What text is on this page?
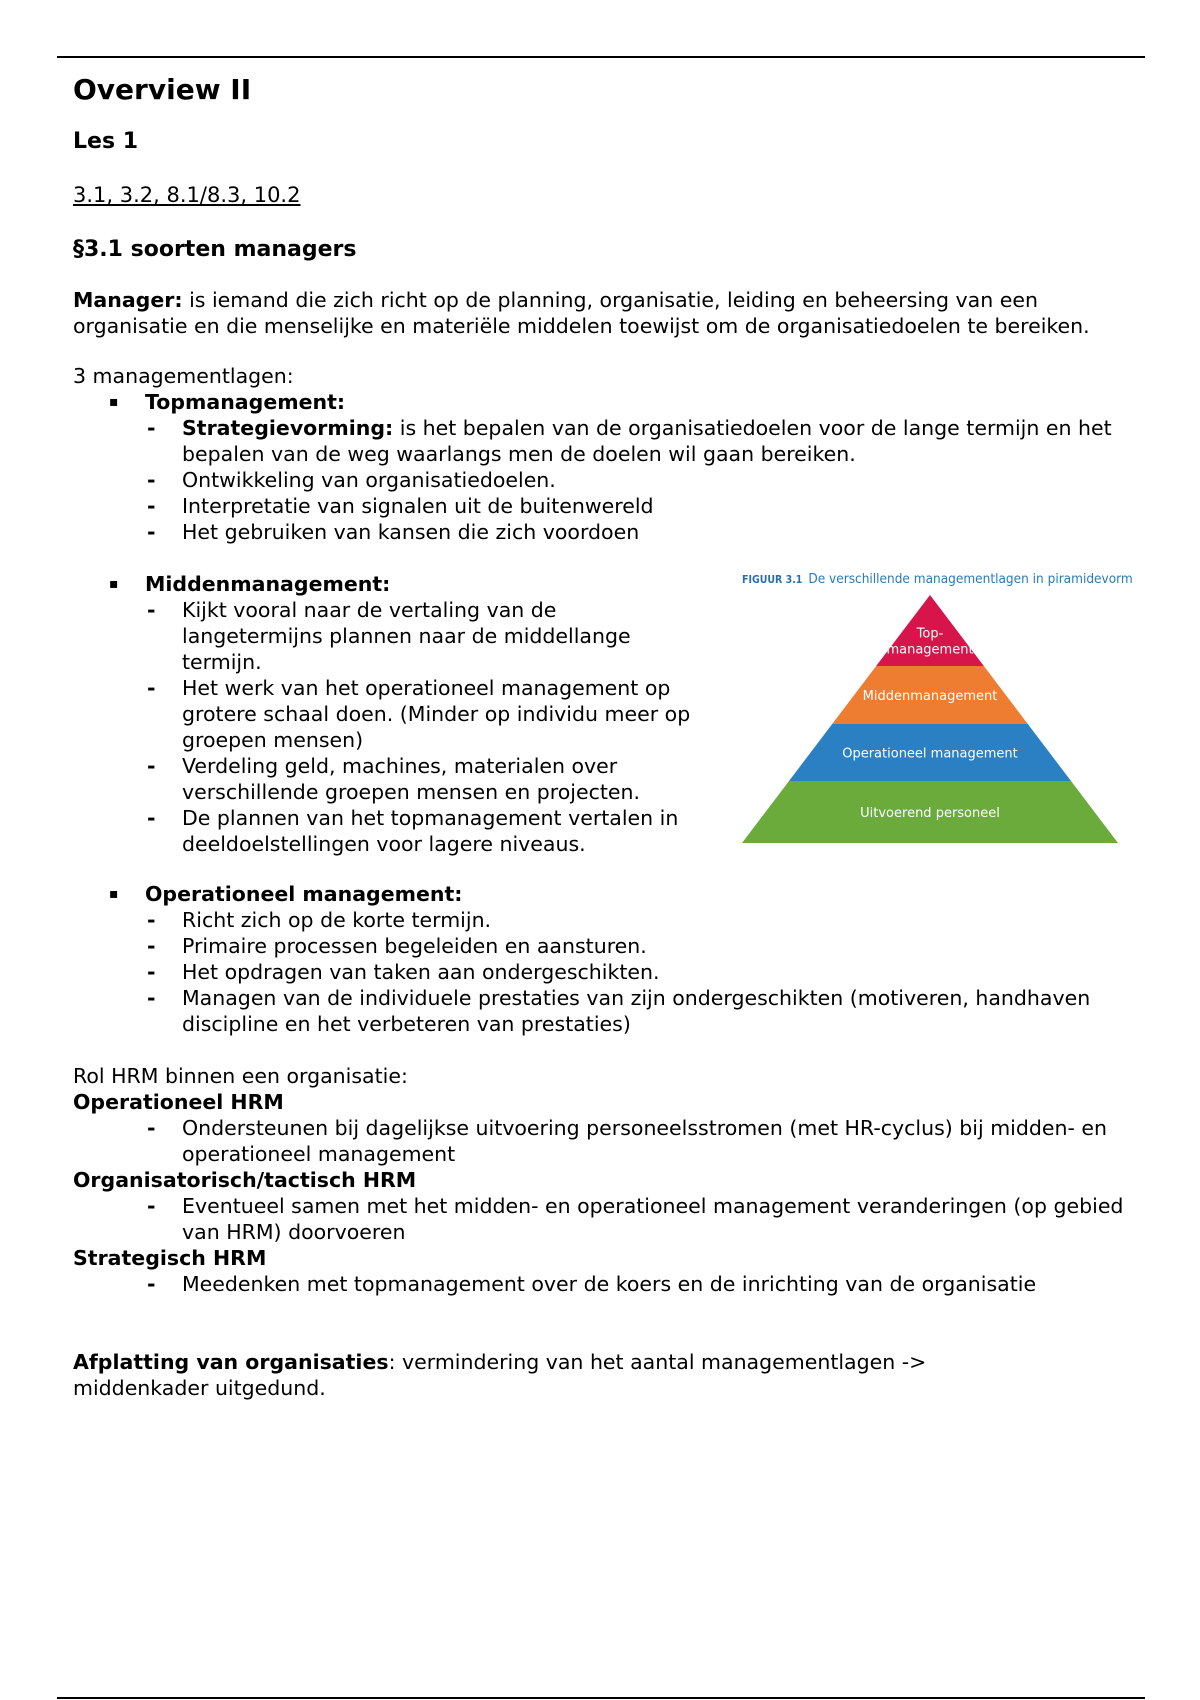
Overview II
Les 1
3.1, 3.2, 8.1/8.3, 10.2
§3.1 soorten managers

Manager: is iemand die zich richt op de planning, organisatie, leiding en beheersing van een organisatie en die menselijke en materiële middelen toewijst om de organisatiedoelen te bereiken.

3 managementlagen:

▪ Topmanagement:
- Strategievorming: is het bepalen van de organisatiedoelen voor de lange termijn en het bepalen van de weg waarlangs men de doelen wil gaan bereiken.
- Ontwikkeling van organisatiedoelen.
- Interpretatie van signalen uit de buitenwereld
- Het gebruiken van kansen die zich voordoen
▪ Middenmanagement:
- Kijkt vooral naar de vertaling van de langetermijns plannen naar de middellange termijn.
- Het werk van het operationeel management op grotere schaal doen. (Minder op individu meer op groepen mensen)
- Verdeling geld, machines, materialen over verschillende groepen mensen en projecten.
- De plannen van het topmanagement vertalen in deeldoelstellingen voor lagere niveaus.
▪ Operationeel management:
- Richt zich op de korte termijn.
- Primaire processen begeleiden en aansturen.
- Het opdragen van taken aan ondergeschikten.
- Managen van de individuele prestaties van zijn ondergeschikten (motiveren, handhaven discipline en het verbeteren van prestaties)

Rol HRM binnen een organisatie:

Operationeel HRM
- Ondersteunen bij dagelijkse uitvoering personeelsstromen (met HR-cyclus) bij midden- en operationeel management
Organisatorisch/tactisch HRM
- Eventueel samen met het midden- en operationeel management veranderingen (op gebied van HRM) doorvoeren
Strategisch HRM
- Meedenken met topmanagement over de koers en de inrichting van de organisatie

Afplatting van organisaties: vermindering van het aantal managementlagen -> middenkader uitgedund.

FIGUUR 3.1 De verschillende managementlagen in piramidevorm
Top-
management
Middenmanagement
Operationeel management
Uitvoerend personeel
